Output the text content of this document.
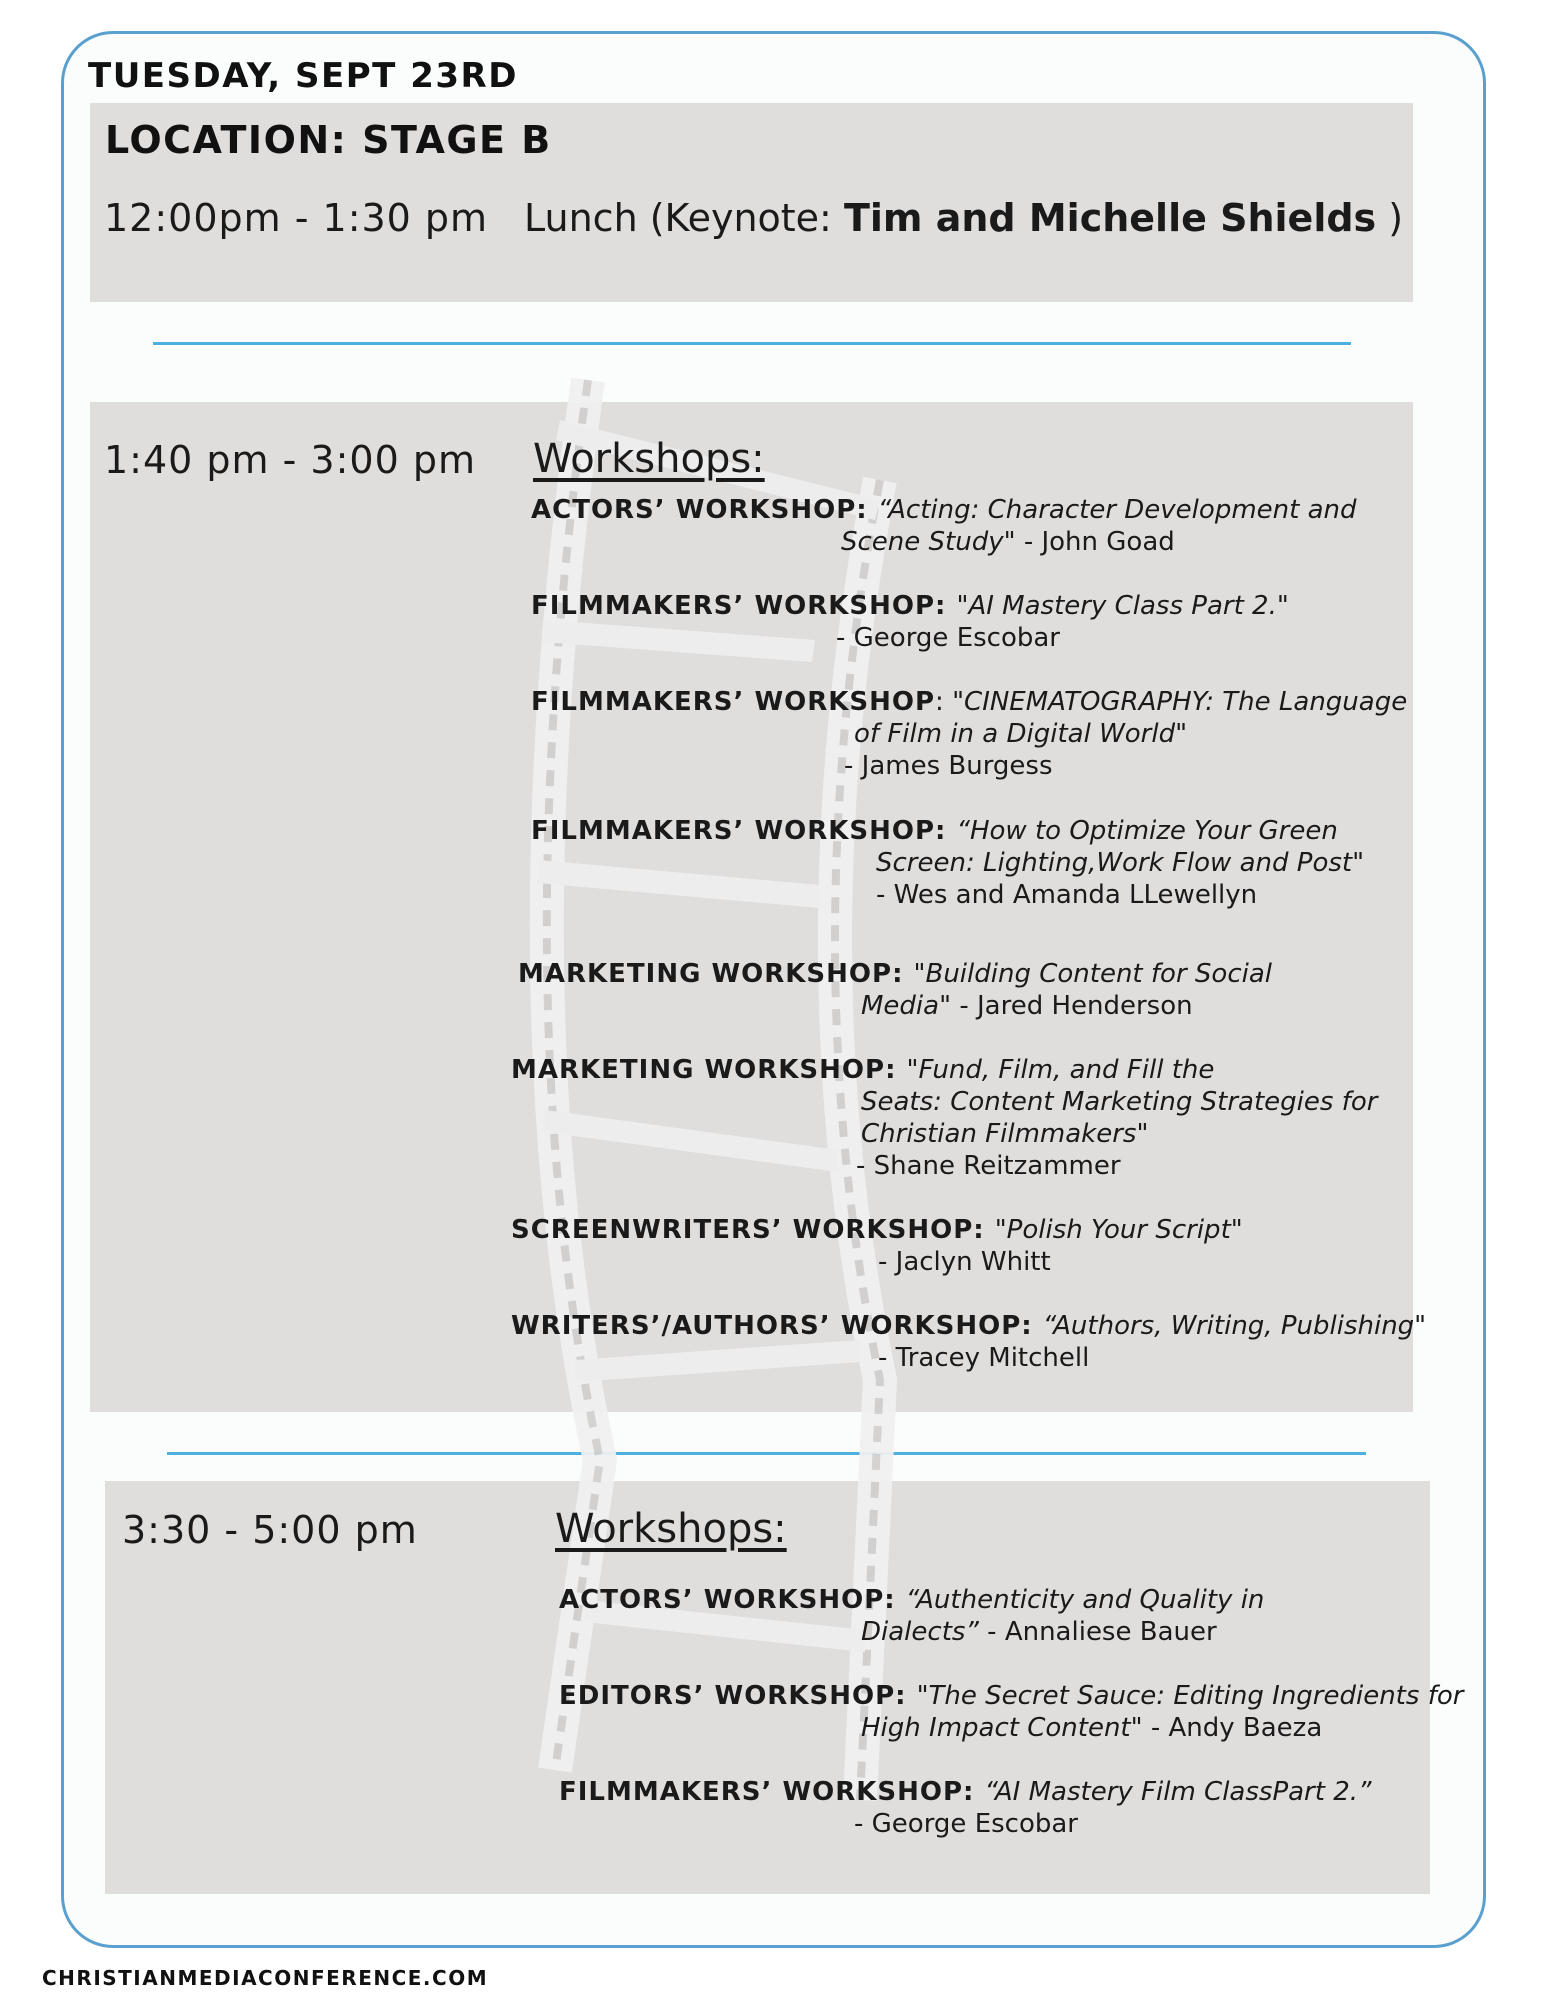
TUESDAY, SEPT 23RD
LOCATION: STAGE B
12:00pm - 1:30 pm Lunch (Keynote: Tim and Michelle Shields )
1:40 pm - 3:00 pm Workshops:
ACTORS’ WORKSHOP: “Acting: Character Development and
Scene Study" - John Goad
FILMMAKERS’ WORKSHOP: "AI Mastery Class Part 2."
- George Escobar
FILMMAKERS’ WORKSHOP: "CINEMATOGRAPHY: The Language
of Film in a Digital World"
- James Burgess
FILMMAKERS’ WORKSHOP: “How to Optimize Your Green
Screen: Lighting,Work Flow and Post"
- Wes and Amanda LLewellyn
MARKETING WORKSHOP: "Building Content for Social
Media" - Jared Henderson
MARKETING WORKSHOP: "Fund, Film, and Fill the
Seats: Content Marketing Strategies for
Christian Filmmakers"
- Shane Reitzammer
SCREENWRITERS’ WORKSHOP: "Polish Your Script"
- Jaclyn Whitt
WRITERS’/AUTHORS’ WORKSHOP: “Authors, Writing, Publishing"
- Tracey Mitchell
3:30 - 5:00 pm	Workshops:
ACTORS’ WORKSHOP: “Authenticity and Quality in
Dialects” - Annaliese Bauer
EDITORS’ WORKSHOP: "The Secret Sauce: Editing Ingredients for
High Impact Content" - Andy Baeza
FILMMAKERS’ WORKSHOP: “AI Mastery Film ClassPart 2.”
- George Escobar

CHRISTIANMEDIACONFERENCE.COM
